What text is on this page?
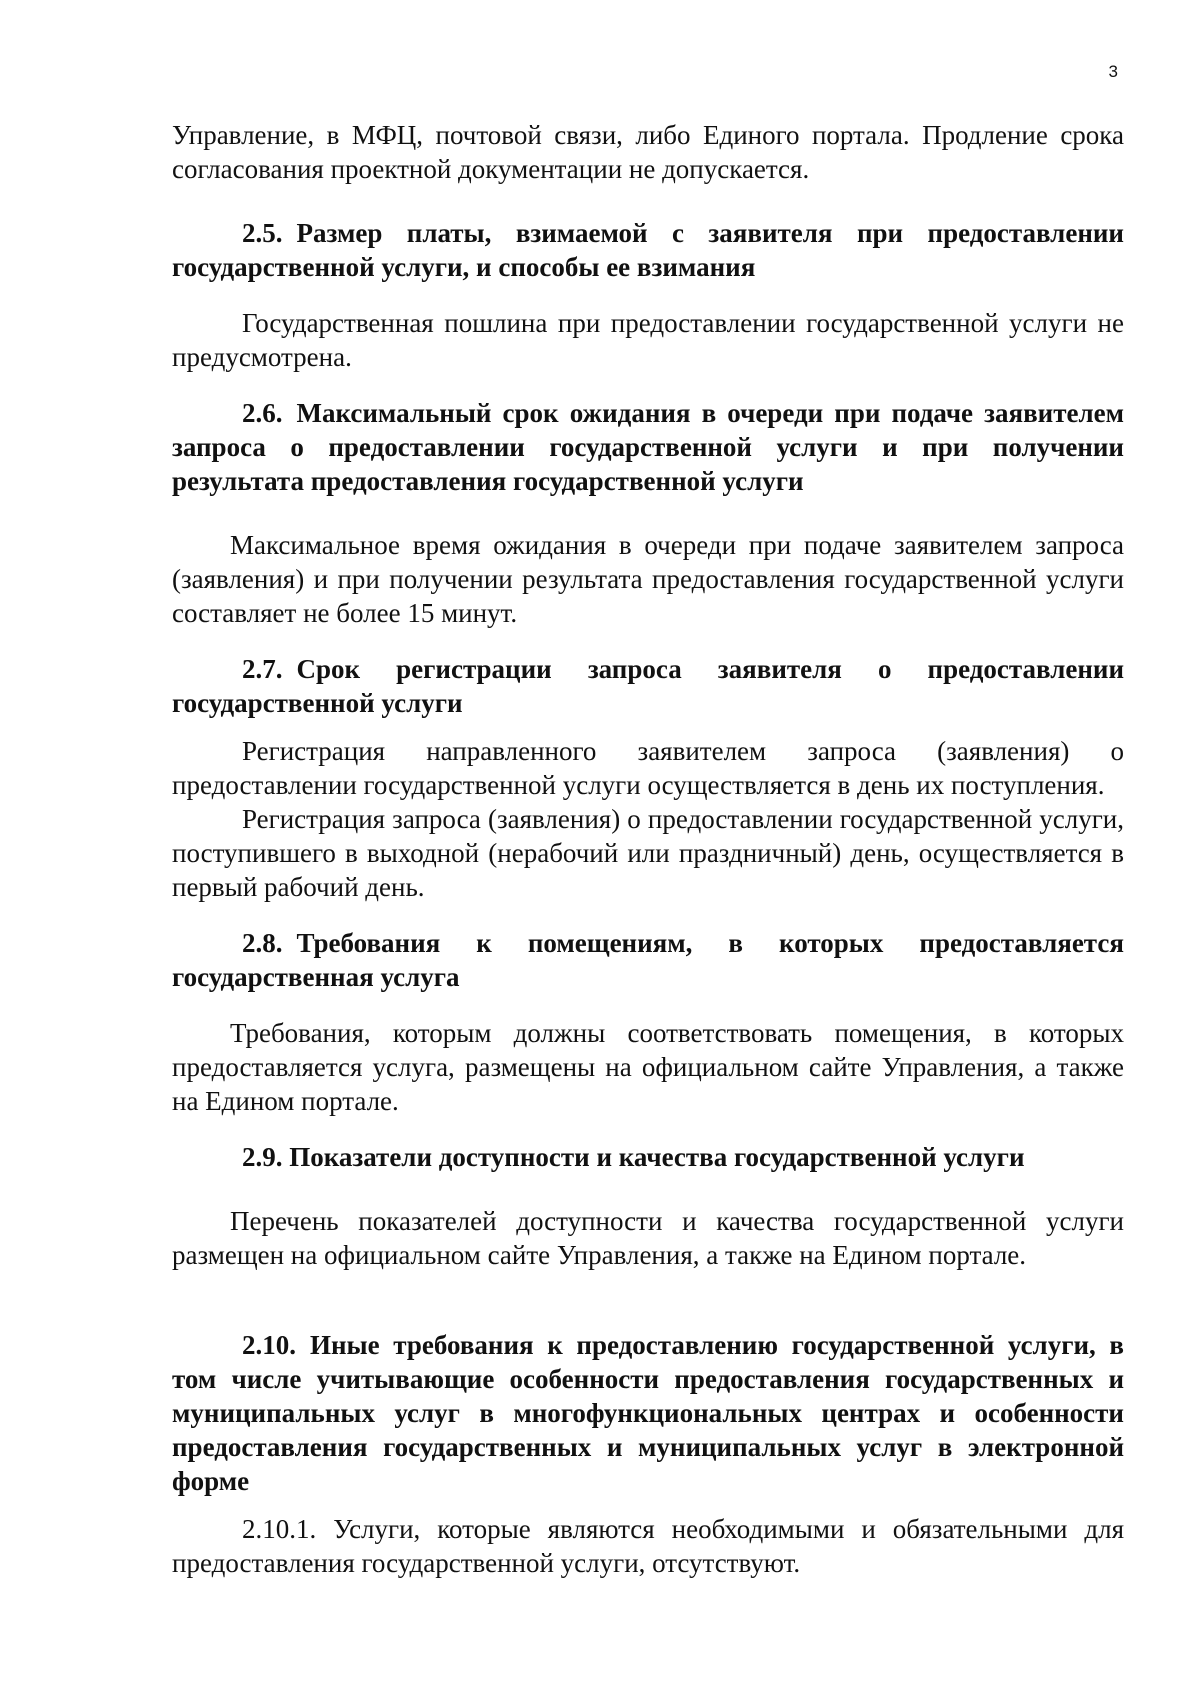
3

Управление, в МФЦ, почтовой связи, либо Единого портала. Продление срока согласования проектной документации не допускается.

2.5. Размер платы, взимаемой с заявителя при предоставлении государственной услуги, и способы ее взимания

Государственная пошлина при предоставлении государственной услуги не предусмотрена.

2.6. Максимальный срок ожидания в очереди при подаче заявителем запроса о предоставлении государственной услуги и при получении результата предоставления государственной услуги

Максимальное время ожидания в очереди при подаче заявителем запроса (заявления) и при получении результата предоставления государственной услуги составляет не более 15 минут.

2.7. Срок регистрации запроса заявителя о предоставлении государственной услуги

Регистрация направленного заявителем запроса (заявления) о предоставлении государственной услуги осуществляется в день их поступления.

Регистрация запроса (заявления) о предоставлении государственной услуги, поступившего в выходной (нерабочий или праздничный) день, осуществляется в первый рабочий день.

2.8. Требования к помещениям, в которых предоставляется государственная услуга

Требования, которым должны соответствовать помещения, в которых предоставляется услуга, размещены на официальном сайте Управления, а также на Едином портале.

2.9. Показатели доступности и качества государственной услуги

Перечень показателей доступности и качества государственной услуги размещен на официальном сайте Управления, а также на Едином портале.

2.10. Иные требования к предоставлению государственной услуги, в том числе учитывающие особенности предоставления государственных и муниципальных услуг в многофункциональных центрах и особенности предоставления государственных и муниципальных услуг в электронной форме

2.10.1. Услуги, которые являются необходимыми и обязательными для предоставления государственной услуги, отсутствуют.
